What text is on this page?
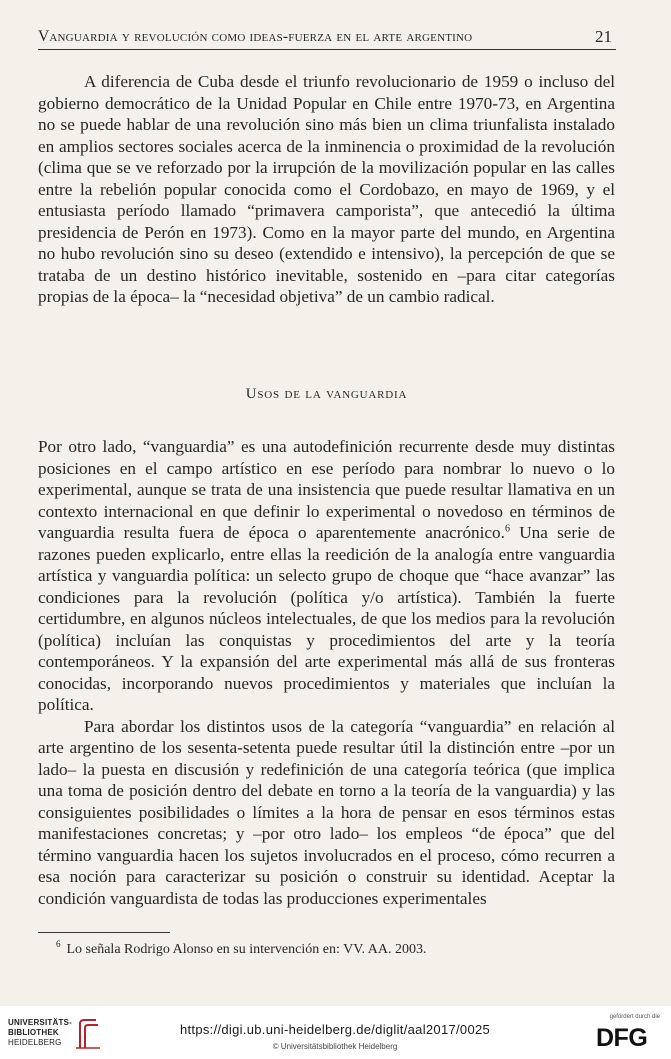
Vanguardia y revolución como ideas-fuerza en el arte argentino	21

A diferencia de Cuba desde el triunfo revolucionario de 1959 o incluso del gobierno democrático de la Unidad Popular en Chile entre 1970-73, en Argentina no se puede hablar de una revolución sino más bien un clima triunfalista instalado en amplios sectores sociales acerca de la inminencia o proximidad de la revolución (clima que se ve reforzado por la irrupción de la movilización popular en las calles entre la rebelión popular conocida como el Cordobazo, en mayo de 1969, y el entusiasta período llamado “primavera camporista”, que antecedió la última presidencia de Perón en 1973). Como en la mayor parte del mundo, en Argentina no hubo revolución sino su deseo (extendido e intensivo), la percepción de que se trataba de un destino histórico inevitable, sostenido en –para citar categorías propias de la época– la “necesidad objetiva” de un cambio radical.

Usos de la vanguardia

Por otro lado, “vanguardia” es una autodefinición recurrente desde muy distintas posiciones en el campo artístico en ese período para nombrar lo nuevo o lo experimental, aunque se trata de una insistencia que puede resultar llamativa en un contexto internacional en que definir lo experimental o novedoso en términos de vanguardia resulta fuera de época o aparentemente anacrónico.$^6$ Una serie de razones pueden explicarlo, entre ellas la reedición de la analogía entre vanguardia artística y vanguardia política: un selecto grupo de choque que “hace avanzar” las condiciones para la revolución (política y/o artística). También la fuerte certidumbre, en algunos núcleos intelectuales, de que los medios para la revolución (política) incluían las conquistas y procedimientos del arte y la teoría contemporáneos. Y la expansión del arte experimental más allá de sus fronteras conocidas, incorporando nuevos procedimientos y materiales que incluían la política.

Para abordar los distintos usos de la categoría “vanguardia” en relación al arte argentino de los sesenta-setenta puede resultar útil la distinción entre –por un lado– la puesta en discusión y redefinición de una categoría teórica (que implica una toma de posición dentro del debate en torno a la teoría de la vanguardia) y las consiguientes posibilidades o límites a la hora de pensar en esos términos estas manifestaciones concretas; y –por otro lado– los empleos “de época” que del término vanguardia hacen los sujetos involucrados en el proceso, cómo recurren a esa noción para caracterizar su posición o construir su identidad. Aceptar la condición vanguardista de todas las producciones experimentales

$^6$ Lo señala Rodrigo Alonso en su intervención en: VV. AA. 2003.
UNIVERSITÄTS-
BIBLIOTHEK
HEIDELBERG
https://digi.ub.uni-heidelberg.de/diglit/aal2017/0025
© Universitätsbibliothek Heidelberg
gefördert durch die
DFG
